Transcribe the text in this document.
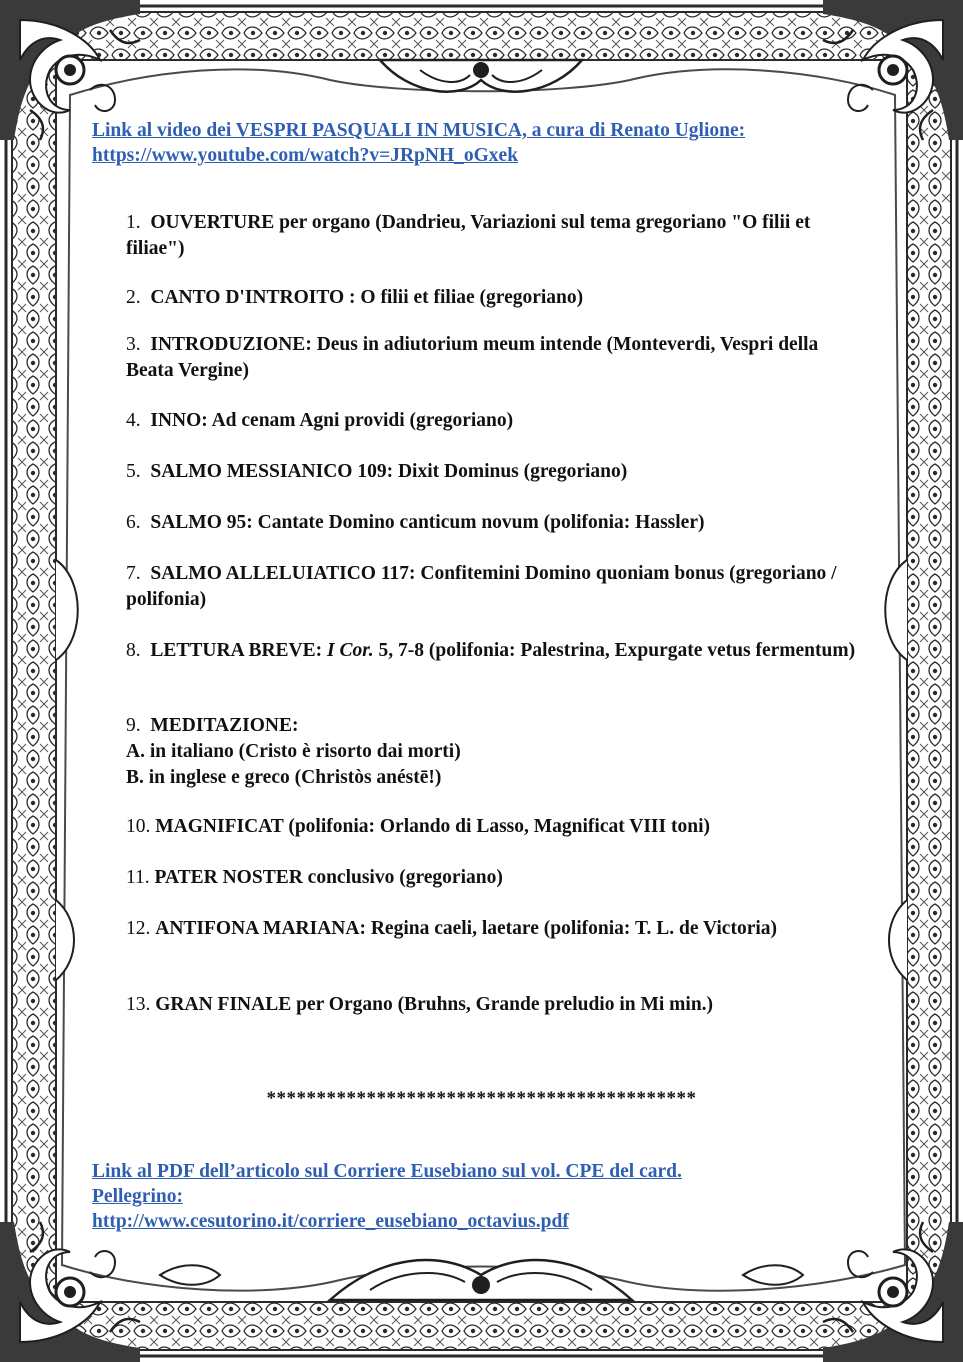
Link al video dei VESPRI PASQUALI IN MUSICA, a cura di Renato Uglione:
https://www.youtube.com/watch?v=JRpNH_oGxek
1. OUVERTURE per organo (Dandrieu, Variazioni sul tema gregoriano "O filii et filiae")
2. CANTO D'INTROITO : O filii et filiae (gregoriano)
3. INTRODUZIONE: Deus in adiutorium meum intende (Monteverdi, Vespri della Beata Vergine)
4. INNO: Ad cenam Agni providi (gregoriano)
5. SALMO MESSIANICO 109: Dixit Dominus (gregoriano)
6. SALMO 95: Cantate Domino canticum novum (polifonia: Hassler)
7. SALMO ALLELUIATICO 117: Confitemini Domino quoniam bonus (gregoriano / polifonia)
8. LETTURA BREVE: I Cor. 5, 7-8 (polifonia: Palestrina, Expurgate vetus fermentum)
9. MEDITAZIONE:
A. in italiano (Cristo è risorto dai morti)
B. in inglese e greco (Christòs anéstē!)
10. MAGNIFICAT (polifonia: Orlando di Lasso, Magnificat VIII toni)
11. PATER NOSTER conclusivo (gregoriano)
12. ANTIFONA MARIANA: Regina caeli, laetare (polifonia: T. L. de Victoria)
13. GRAN FINALE per Organo (Bruhns, Grande preludio in Mi min.)
*******************************************
Link al PDF dell’articolo sul Corriere Eusebiano sul vol. CPE del card.
Pellegrino:
http://www.cesutorino.it/corriere_eusebiano_octavius.pdf
